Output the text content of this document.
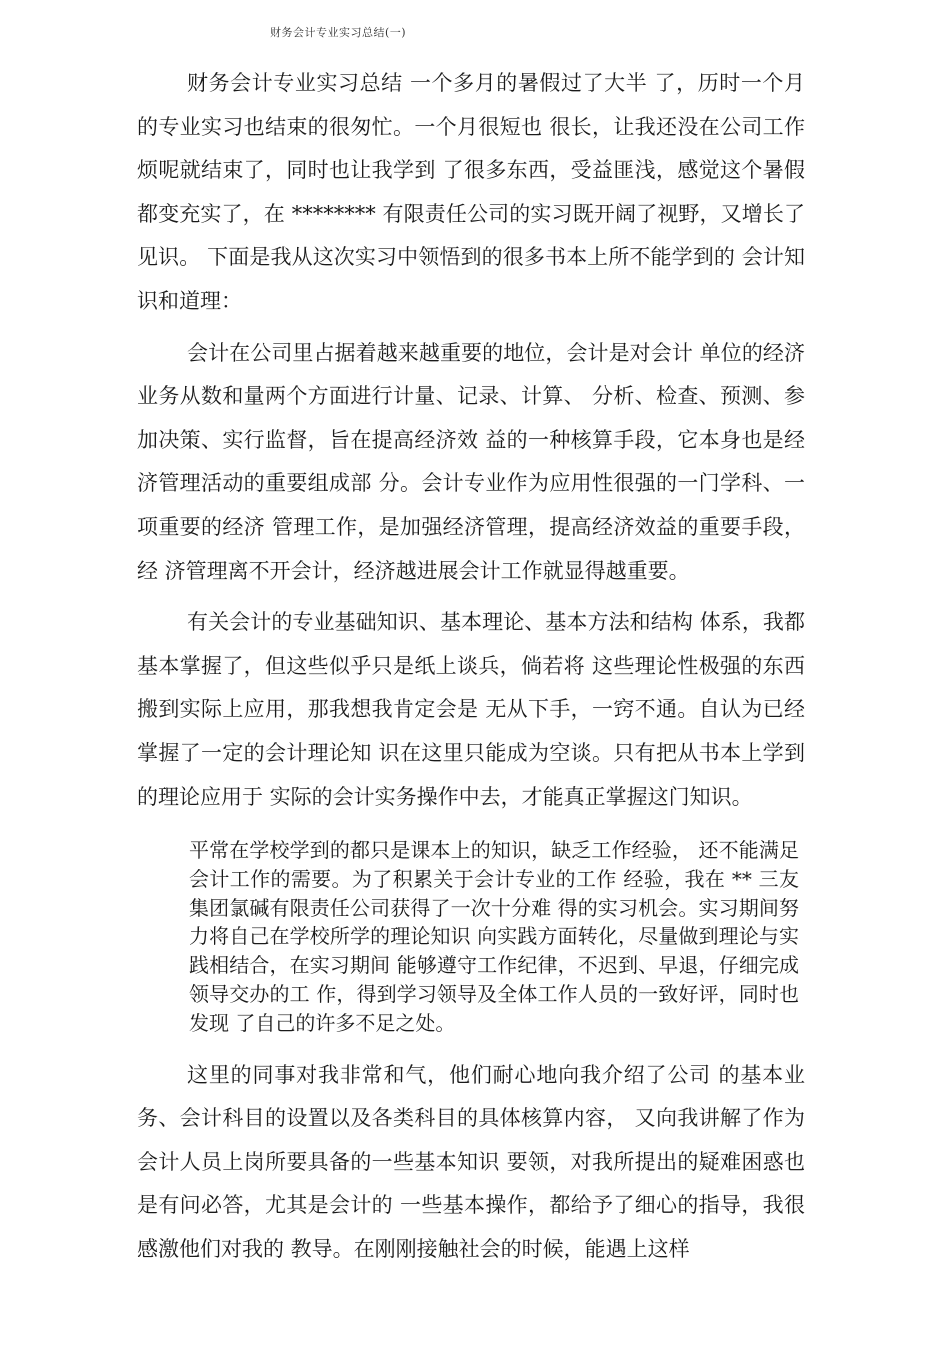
财务会计专业实习总结(一)

财务会计专业实习总结 一个多月的暑假过了大半 了，历时一个月的专业实习也结束的很匆忙。一个月很短也 很长，让我还没在公司工作烦呢就结束了，同时也让我学到 了很多东西，受益匪浅，感觉这个暑假都变充实了，在 ******** 有限责任公司的实习既开阔了视野，又增长了见识。 下面是我从这次实习中领悟到的很多书本上所不能学到的 会计知识和道理：

会计在公司里占据着越来越重要的地位，会计是对会计 单位的经济业务从数和量两个方面进行计量、记录、计算、 分析、检查、预测、参加决策、实行监督，旨在提高经济效 益的一种核算手段，它本身也是经济管理活动的重要组成部 分。会计专业作为应用性很强的一门学科、一项重要的经济 管理工作，是加强经济管理，提高经济效益的重要手段，经 济管理离不开会计，经济越进展会计工作就显得越重要。

有关会计的专业基础知识、基本理论、基本方法和结构 体系，我都基本掌握了，但这些似乎只是纸上谈兵，倘若将 这些理论性极强的东西搬到实际上应用，那我想我肯定会是 无从下手，一窍不通。自认为已经掌握了一定的会计理论知 识在这里只能成为空谈。只有把从书本上学到的理论应用于 实际的会计实务操作中去，才能真正掌握这门知识。

平常在学校学到的都只是课本上的知识，缺乏工作经验， 还不能满足会计工作的需要。为了积累关于会计专业的工作 经验，我在 ** 三友集团氯碱有限责任公司获得了一次十分难 得的实习机会。实习期间努力将自己在学校所学的理论知识 向实践方面转化，尽量做到理论与实践相结合，在实习期间 能够遵守工作纪律，不迟到、早退，仔细完成领导交办的工 作，得到学习领导及全体工作人员的一致好评，同时也发现 了自己的许多不足之处。

这里的同事对我非常和气，他们耐心地向我介绍了公司 的基本业务、会计科目的设置以及各类科目的具体核算内容， 又向我讲解了作为会计人员上岗所要具备的一些基本知识 要领，对我所提出的疑难困惑也是有问必答，尤其是会计的 一些基本操作，都给予了细心的指导，我很感激他们对我的 教导。在刚刚接触社会的时候，能遇上这样
